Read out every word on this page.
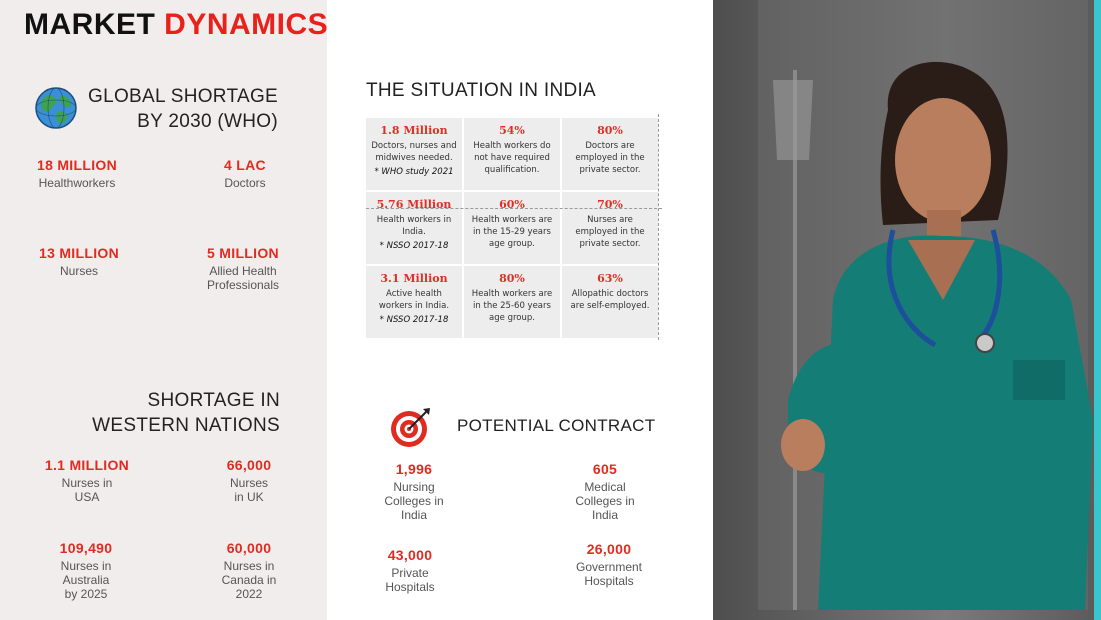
MARKET DYNAMICS
GLOBAL SHORTAGE
BY 2030 (WHO)
18 MILLION
Healthworkers
4 LAC
Doctors
13 MILLION
Nurses
5 MILLION
Allied Health
Professionals
SHORTAGE IN
WESTERN NATIONS
1.1 MILLION
Nurses in
USA
66,000
Nurses
in UK
109,490
Nurses in
Australia
by 2025
60,000
Nurses in
Canada in
2022
THE SITUATION IN INDIA
1.8 Million
Doctors, nurses and
midwives needed.
* WHO study 2021
54%
Health workers do
not have required
qualification.
80%
Doctors are
employed in the
private sector.
5.76 Million
Health workers in
India.
* NSSO 2017-18
60%
Health workers are
in the 15-29 years
age group.
70%
Nurses are
employed in the
private sector.
3.1 Million
Active health
workers in India.
* NSSO 2017-18
80%
Health workers are
in the 25-60 years
age group.
63%
Allopathic doctors
are self-employed.
POTENTIAL CONTRACT
1,996
Nursing
Colleges in
India
605
Medical
Colleges in
India
43,000
Private
Hospitals
26,000
Government
Hospitals
